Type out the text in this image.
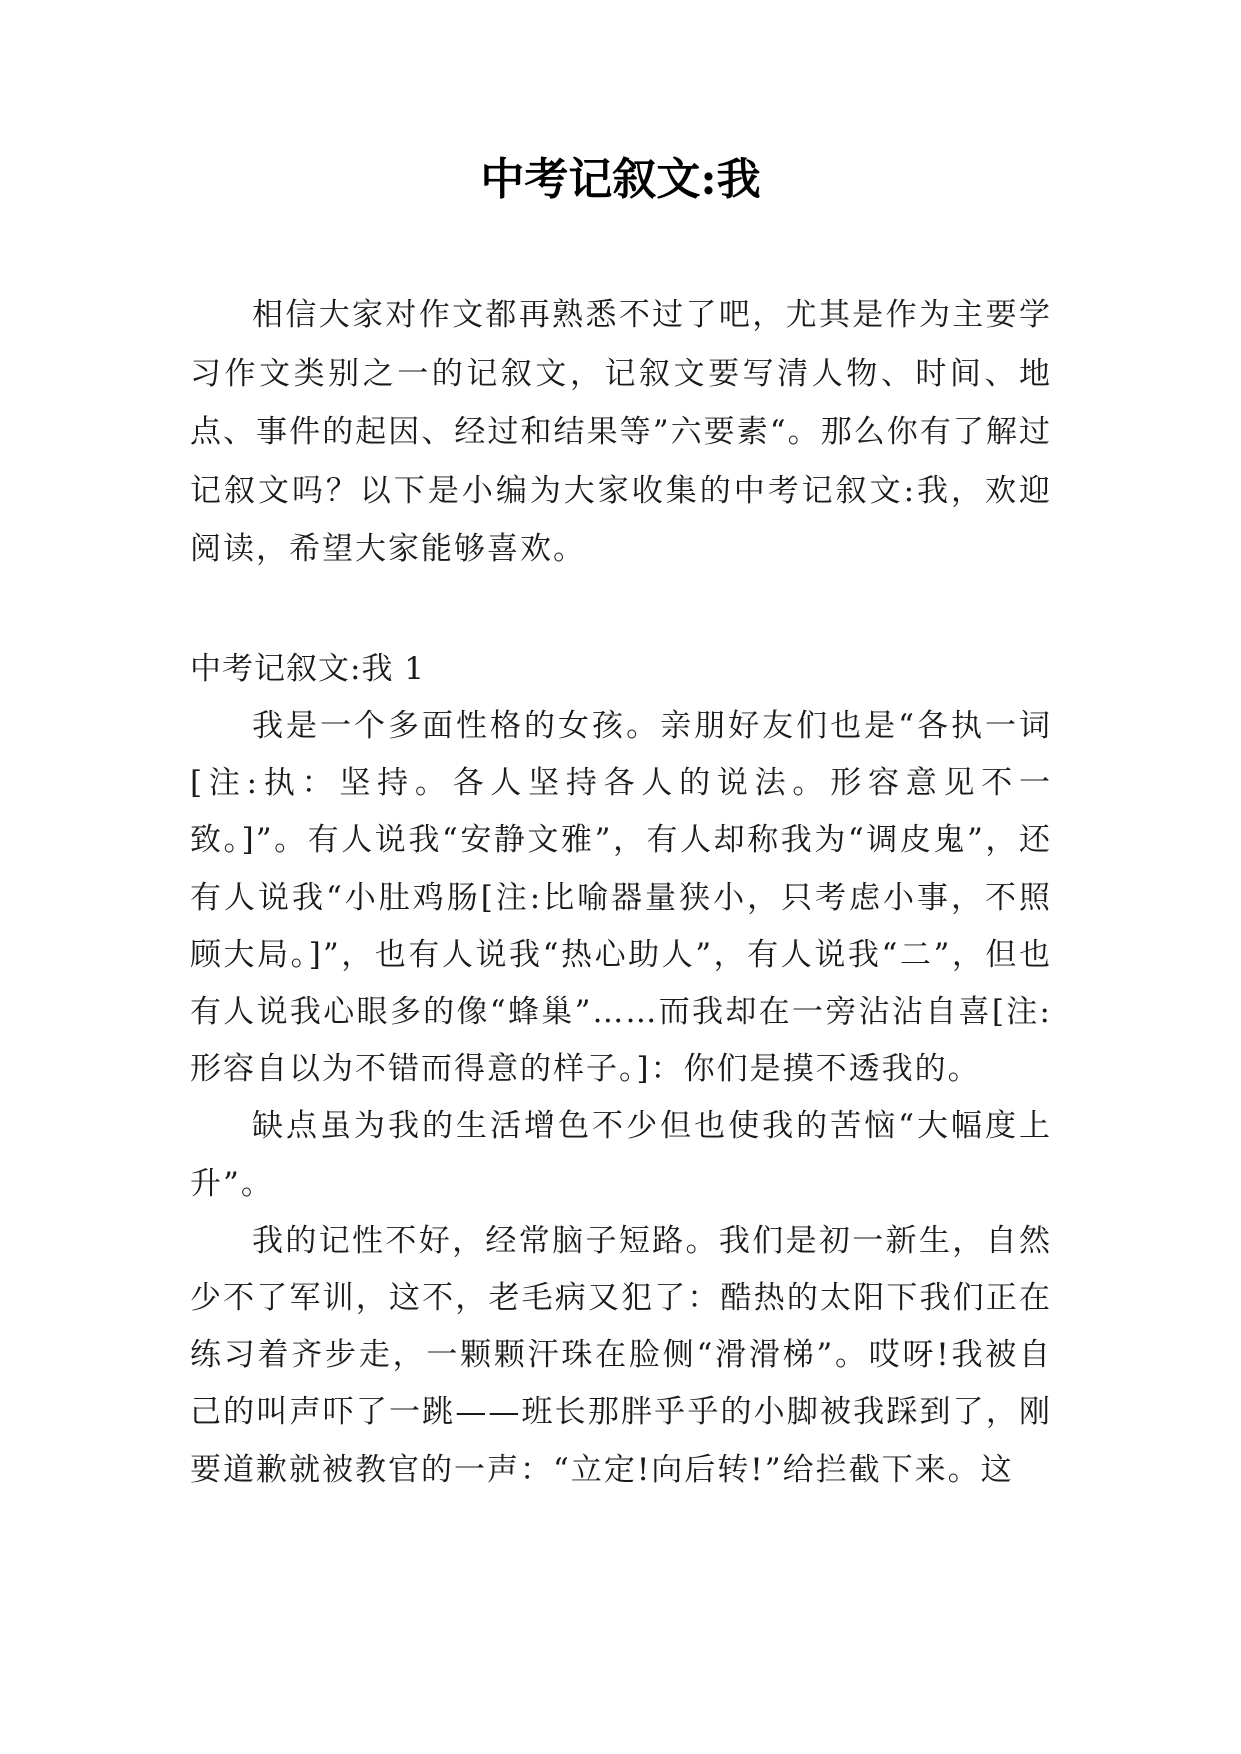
中考记叙文:我

相信大家对作文都再熟悉不过了吧，尤其是作为主要学习作文类别之一的记叙文，记叙文要写清人物、时间、地点、事件的起因、经过和结果等”六要素“。那么你有了解过记叙文吗？以下是小编为大家收集的中考记叙文:我，欢迎阅读，希望大家能够喜欢。

中考记叙文:我 1

我是一个多面性格的女孩。亲朋好友们也是“各执一词[注:执：坚持。各人坚持各人的说法。形容意见不一致。]”。有人说我“安静文雅”，有人却称我为“调皮鬼”，还有人说我“小肚鸡肠[注:比喻器量狭小，只考虑小事，不照顾大局。]”，也有人说我“热心助人”，有人说我“二”，但也有人说我心眼多的像“蜂巢”……而我却在一旁沾沾自喜[注:形容自以为不错而得意的样子。]：你们是摸不透我的。

缺点虽为我的生活增色不少但也使我的苦恼“大幅度上升”。

我的记性不好，经常脑子短路。我们是初一新生，自然少不了军训，这不，老毛病又犯了：酷热的太阳下我们正在练习着齐步走，一颗颗汗珠在脸侧“滑滑梯”。哎呀!我被自己的叫声吓了一跳——班长那胖乎乎的小脚被我踩到了，刚要道歉就被教官的一声：“立定!向后转!”给拦截下来。这
